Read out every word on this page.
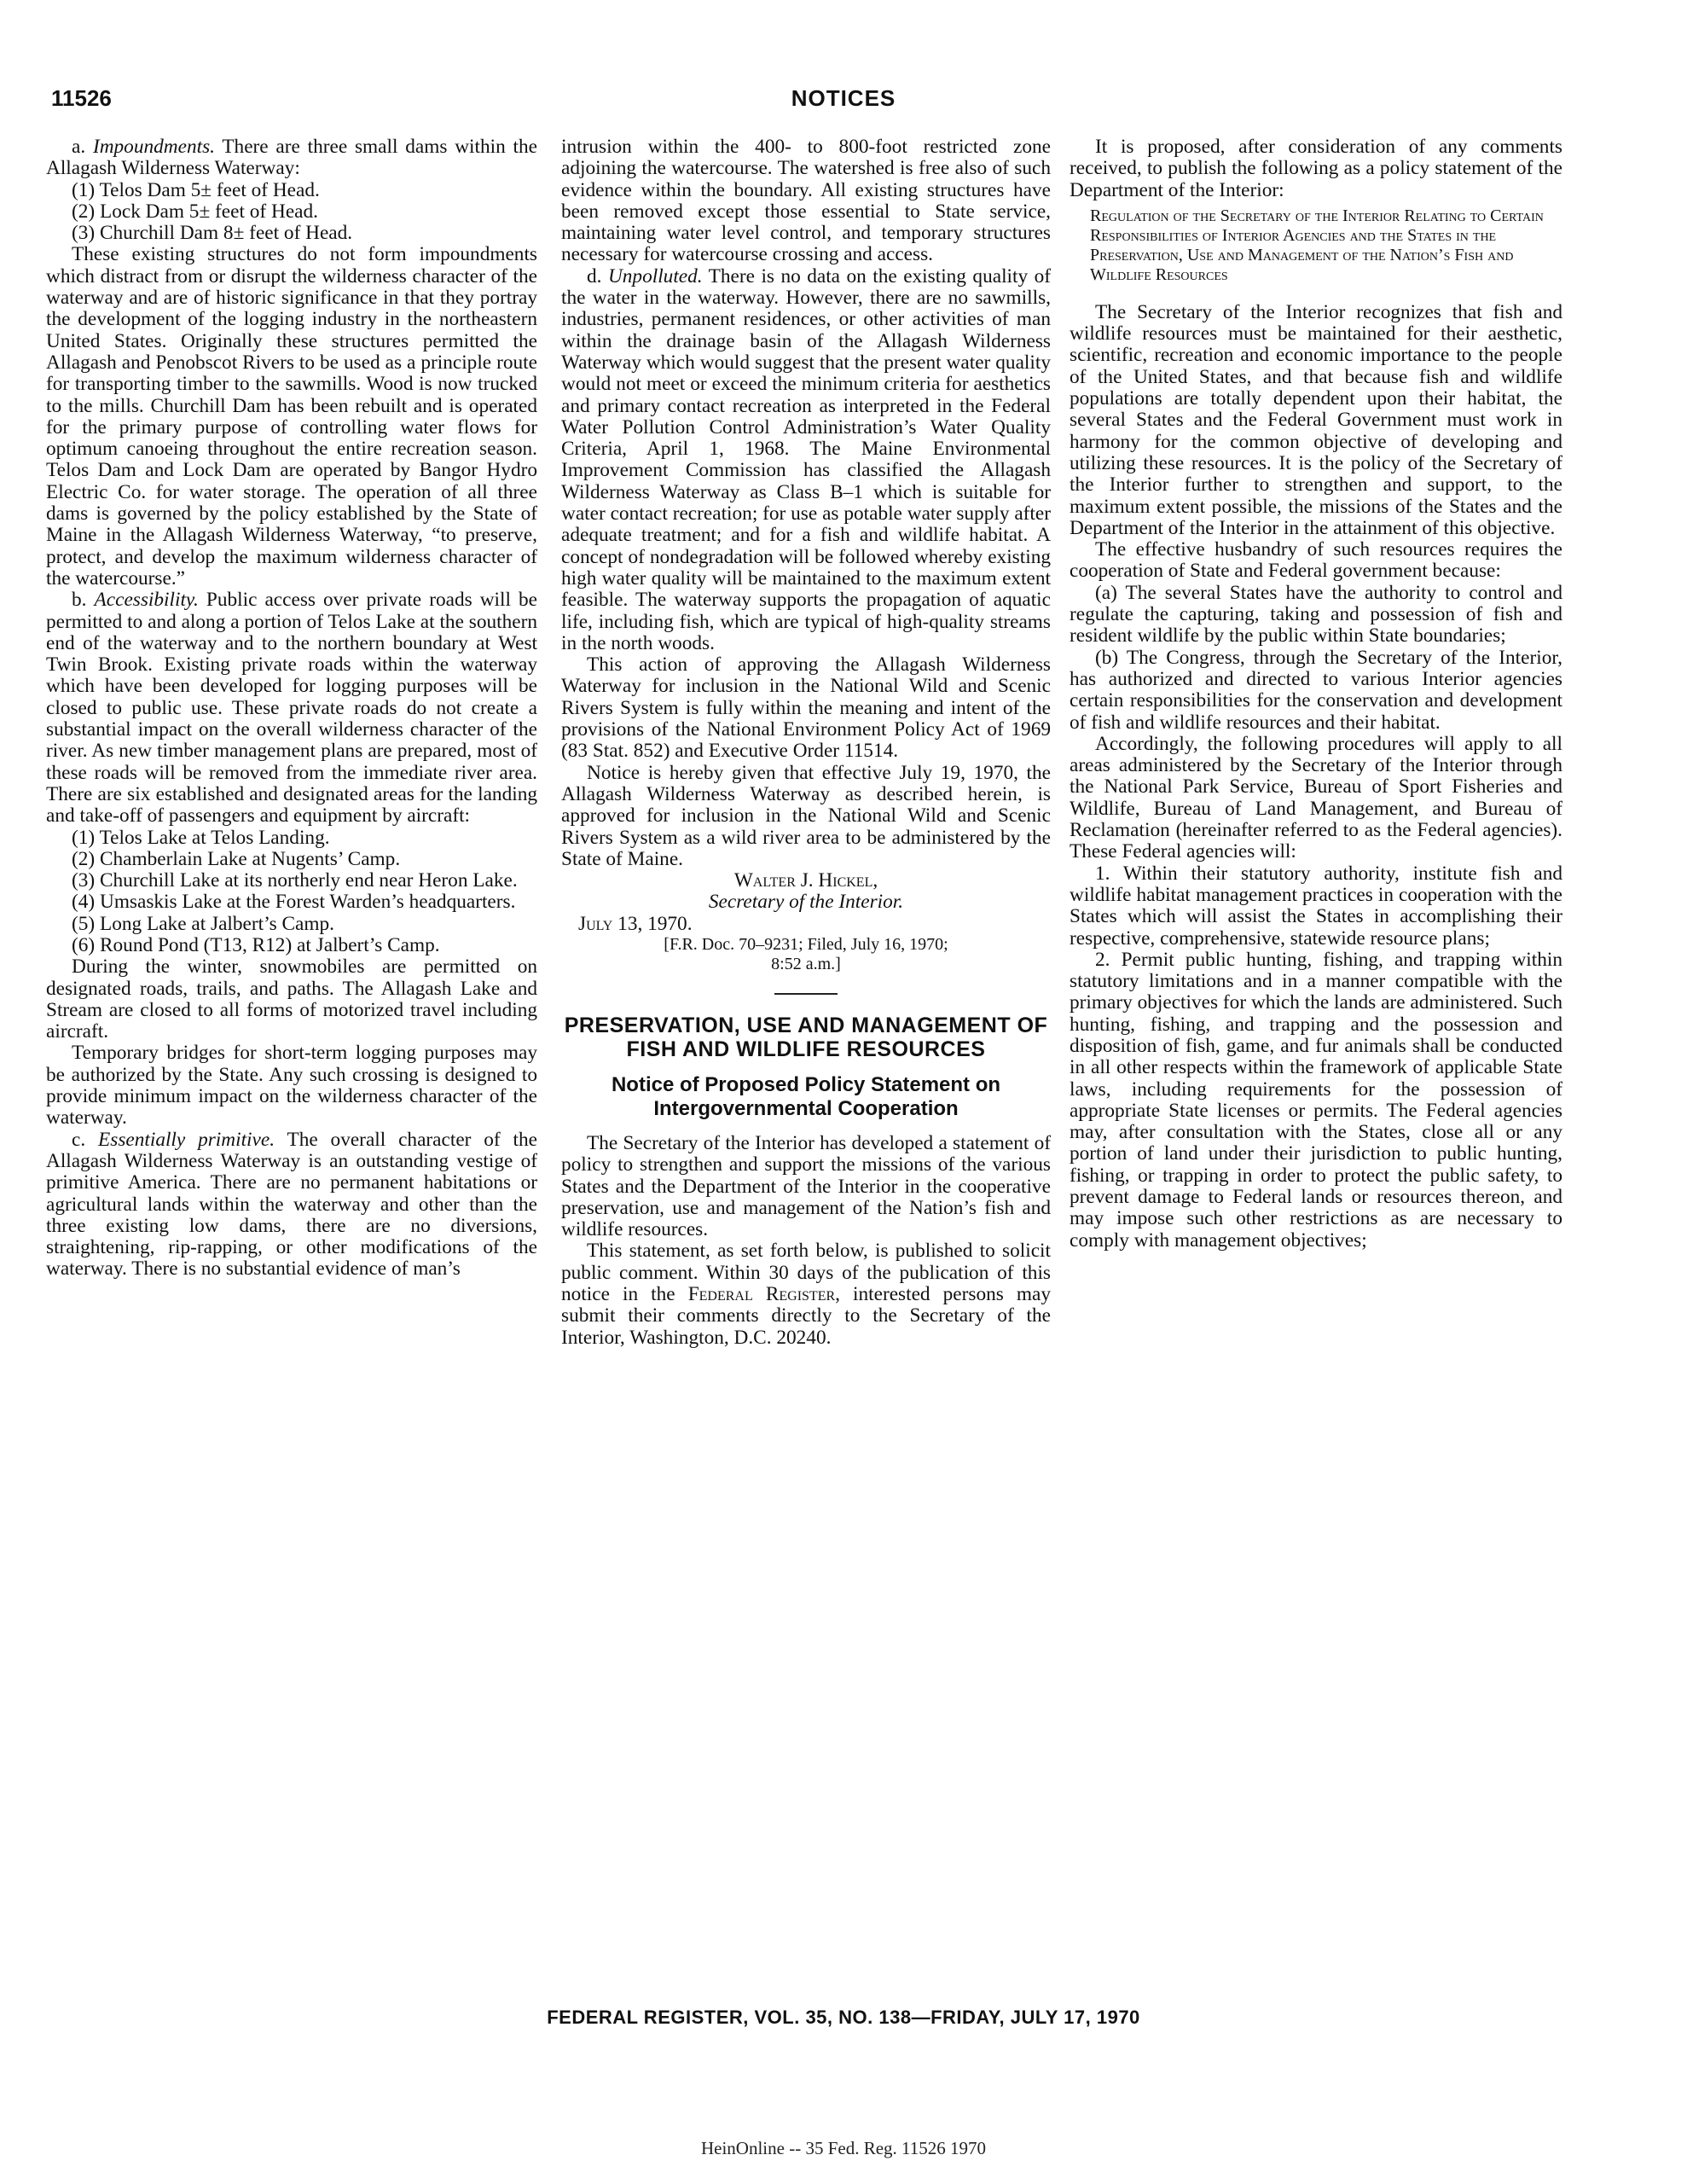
11526	NOTICES

a. Impoundments. There are three small dams within the Allagash Wilderness Waterway:

(1) Telos Dam 5± feet of Head.

(2) Lock Dam 5± feet of Head.

(3) Churchill Dam 8± feet of Head.

These existing structures do not form impoundments which distract from or disrupt the wilderness character of the waterway and are of historic significance in that they portray the development of the logging industry in the northeastern United States. Originally these structures permitted the Allagash and Penobscot Rivers to be used as a principle route for transporting timber to the sawmills. Wood is now trucked to the mills. Churchill Dam has been rebuilt and is operated for the primary purpose of controlling water flows for optimum canoeing throughout the entire recreation season. Telos Dam and Lock Dam are operated by Bangor Hydro Electric Co. for water storage. The operation of all three dams is governed by the policy established by the State of Maine in the Allagash Wilderness Waterway, “to preserve, protect, and develop the maximum wilderness character of the watercourse.”

b. Accessibility. Public access over private roads will be permitted to and along a portion of Telos Lake at the southern end of the waterway and to the northern boundary at West Twin Brook. Existing private roads within the waterway which have been developed for logging purposes will be closed to public use. These private roads do not create a substantial impact on the overall wilderness character of the river. As new timber management plans are prepared, most of these roads will be removed from the immediate river area. There are six established and designated areas for the landing and take-off of passengers and equipment by aircraft:

(1) Telos Lake at Telos Landing.

(2) Chamberlain Lake at Nugents’ Camp.

(3) Churchill Lake at its northerly end near Heron Lake.

(4) Umsaskis Lake at the Forest Warden’s headquarters.

(5) Long Lake at Jalbert’s Camp.

(6) Round Pond (T13, R12) at Jalbert’s Camp.

During the winter, snowmobiles are permitted on designated roads, trails, and paths. The Allagash Lake and Stream are closed to all forms of motorized travel including aircraft.

Temporary bridges for short-term logging purposes may be authorized by the State. Any such crossing is designed to provide minimum impact on the wilderness character of the waterway.

c. Essentially primitive. The overall character of the Allagash Wilderness Waterway is an outstanding vestige of primitive America. There are no permanent habitations or agricultural lands within the waterway and other than the three existing low dams, there are no diversions, straightening, rip-rapping, or other modifications of the waterway. There is no substantial evidence of man’s

intrusion within the 400- to 800-foot restricted zone adjoining the watercourse. The watershed is free also of such evidence within the boundary. All existing structures have been removed except those essential to State service, maintaining water level control, and temporary structures necessary for watercourse crossing and access.

d. Unpolluted. There is no data on the existing quality of the water in the waterway. However, there are no sawmills, industries, permanent residences, or other activities of man within the drainage basin of the Allagash Wilderness Waterway which would suggest that the present water quality would not meet or exceed the minimum criteria for aesthetics and primary contact recreation as interpreted in the Federal Water Pollution Control Administration’s Water Quality Criteria, April 1, 1968. The Maine Environmental Improvement Commission has classified the Allagash Wilderness Waterway as Class B–1 which is suitable for water contact recreation; for use as potable water supply after adequate treatment; and for a fish and wildlife habitat. A concept of nondegradation will be followed whereby existing high water quality will be maintained to the maximum extent feasible. The waterway supports the propagation of aquatic life, including fish, which are typical of high-quality streams in the north woods.

This action of approving the Allagash Wilderness Waterway for inclusion in the National Wild and Scenic Rivers System is fully within the meaning and intent of the provisions of the National Environment Policy Act of 1969 (83 Stat. 852) and Executive Order 11514.

Notice is hereby given that effective July 19, 1970, the Allagash Wilderness Waterway as described herein, is approved for inclusion in the National Wild and Scenic Rivers System as a wild river area to be administered by the State of Maine.

Walter J. Hickel,

Secretary of the Interior.

July 13, 1970.

[F.R. Doc. 70–9231; Filed, July 16, 1970;

8:52 a.m.]

PRESERVATION, USE AND MANAGEMENT OF FISH AND WILDLIFE RESOURCES
Notice of Proposed Policy Statement on Intergovernmental Cooperation

The Secretary of the Interior has developed a statement of policy to strengthen and support the missions of the various States and the Department of the Interior in the cooperative preservation, use and management of the Nation’s fish and wildlife resources.

This statement, as set forth below, is published to solicit public comment. Within 30 days of the publication of this notice in the Federal Register, interested persons may submit their comments directly to the Secretary of the Interior, Washington, D.C. 20240.

It is proposed, after consideration of any comments received, to publish the following as a policy statement of the Department of the Interior:

Regulation of the Secretary of the Interior Relating to Certain Responsibilities of Interior Agencies and the States in the Preservation, Use and Management of the Nation’s Fish and Wildlife Resources

The Secretary of the Interior recognizes that fish and wildlife resources must be maintained for their aesthetic, scientific, recreation and economic importance to the people of the United States, and that because fish and wildlife populations are totally dependent upon their habitat, the several States and the Federal Government must work in harmony for the common objective of developing and utilizing these resources. It is the policy of the Secretary of the Interior further to strengthen and support, to the maximum extent possible, the missions of the States and the Department of the Interior in the attainment of this objective.

The effective husbandry of such resources requires the cooperation of State and Federal government because:

(a) The several States have the authority to control and regulate the capturing, taking and possession of fish and resident wildlife by the public within State boundaries;

(b) The Congress, through the Secretary of the Interior, has authorized and directed to various Interior agencies certain responsibilities for the conservation and development of fish and wildlife resources and their habitat.

Accordingly, the following procedures will apply to all areas administered by the Secretary of the Interior through the National Park Service, Bureau of Sport Fisheries and Wildlife, Bureau of Land Management, and Bureau of Reclamation (hereinafter referred to as the Federal agencies). These Federal agencies will:

1. Within their statutory authority, institute fish and wildlife habitat management practices in cooperation with the States which will assist the States in accomplishing their respective, comprehensive, statewide resource plans;

2. Permit public hunting, fishing, and trapping within statutory limitations and in a manner compatible with the primary objectives for which the lands are administered. Such hunting, fishing, and trapping and the possession and disposition of fish, game, and fur animals shall be conducted in all other respects within the framework of applicable State laws, including requirements for the possession of appropriate State licenses or permits. The Federal agencies may, after consultation with the States, close all or any portion of land under their jurisdiction to public hunting, fishing, or trapping in order to protect the public safety, to prevent damage to Federal lands or resources thereon, and may impose such other restrictions as are necessary to comply with management objectives;

FEDERAL REGISTER, VOL. 35, NO. 138—FRIDAY, JULY 17, 1970
HeinOnline -- 35 Fed. Reg. 11526 1970
